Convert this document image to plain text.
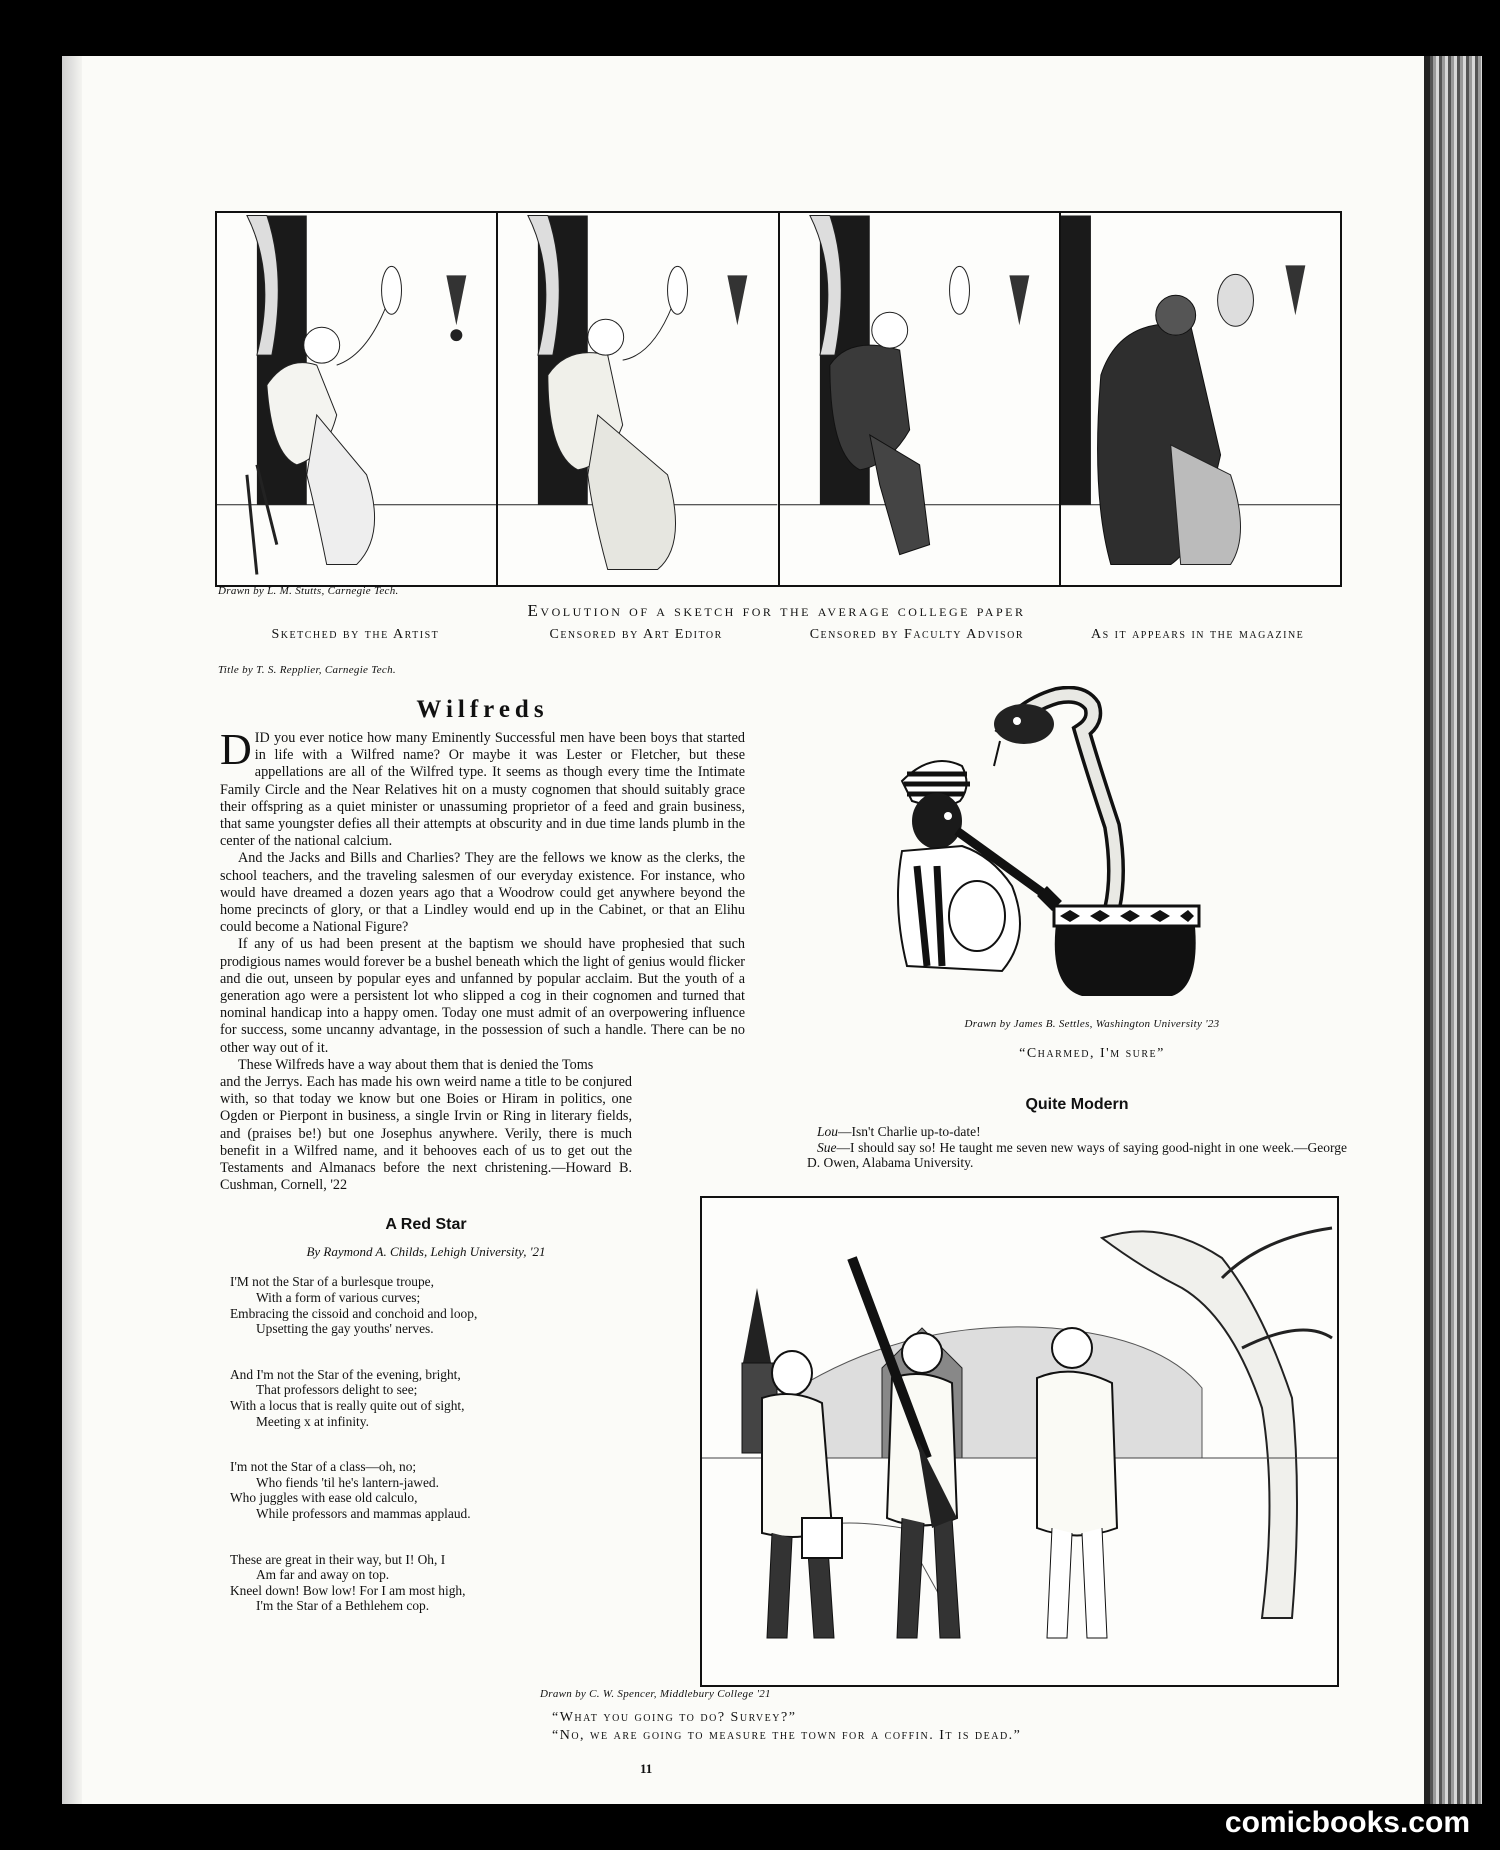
Drawn by L. M. Stutts, Carnegie Tech.
Evolution of a sketch for the average college paper
Sketched by the Artist	Censored by Art Editor	Censored by Faculty Advisor	As it appears in the magazine
Title by T. S. Repplier, Carnegie Tech.
Wilfreds

DID you ever notice how many Eminently Successful men have been boys that started in life with a Wilfred name? Or maybe it was Lester or Fletcher, but these appellations are all of the Wilfred type. It seems as though every time the Intimate Family Circle and the Near Relatives hit on a musty cognomen that should suitably grace their offspring as a quiet minister or unassuming proprietor of a feed and grain business, that same youngster defies all their attempts at obscurity and in due time lands plumb in the center of the national calcium.

And the Jacks and Bills and Charlies? They are the fellows we know as the clerks, the school teachers, and the traveling salesmen of our everyday existence. For instance, who would have dreamed a dozen years ago that a Woodrow could get anywhere beyond the home precincts of glory, or that a Lindley would end up in the Cabinet, or that an Elihu could become a National Figure?

If any of us had been present at the baptism we should have prophesied that such prodigious names would forever be a bushel beneath which the light of genius would flicker and die out, unseen by popular eyes and unfanned by popular acclaim. But the youth of a generation ago were a persistent lot who slipped a cog in their cognomen and turned that nominal handicap into a happy omen. Today one must admit of an overpowering influence for success, some uncanny advantage, in the possession of such a handle. There can be no other way out of it.

These Wilfreds have a way about them that is denied the Toms

and the Jerrys. Each has made his own weird name a title to be conjured with, so that today we know but one Boies or Hiram in politics, one Ogden or Pierpont in business, a single Irvin or Ring in literary fields, and (praises be!) but one Josephus anywhere. Verily, there is much benefit in a Wilfred name, and it behooves each of us to get out the Testaments and Almanacs before the next christening.—Howard B. Cushman, Cornell, '22

A Red Star
By Raymond A. Childs, Lehigh University, '21
I'M not the Star of a burlesque troupe,
With a form of various curves;
Embracing the cissoid and conchoid and loop,
Upsetting the gay youths' nerves.
And I'm not the Star of the evening, bright,
That professors delight to see;
With a locus that is really quite out of sight,
Meeting x at infinity.
I'm not the Star of a class—oh, no;
Who fiends 'til he's lantern-jawed.
Who juggles with ease old calculo,
While professors and mammas applaud.
These are great in their way, but I! Oh, I
Am far and away on top.
Kneel down! Bow low! For I am most high,
I'm the Star of a Bethlehem cop.
Drawn by James B. Settles, Washington University '23
“Charmed, I'm sure”
Quite Modern
Lou—Isn't Charlie up-to-date!
Sue—I should say so! He taught me seven new ways of saying good-night in one week.—George D. Owen, Alabama University.
Drawn by C. W. Spencer, Middlebury College '21
“What you going to do? Survey?”
“No, we are going to measure the town for a coffin. It is dead.”
11
comicbooks.com
